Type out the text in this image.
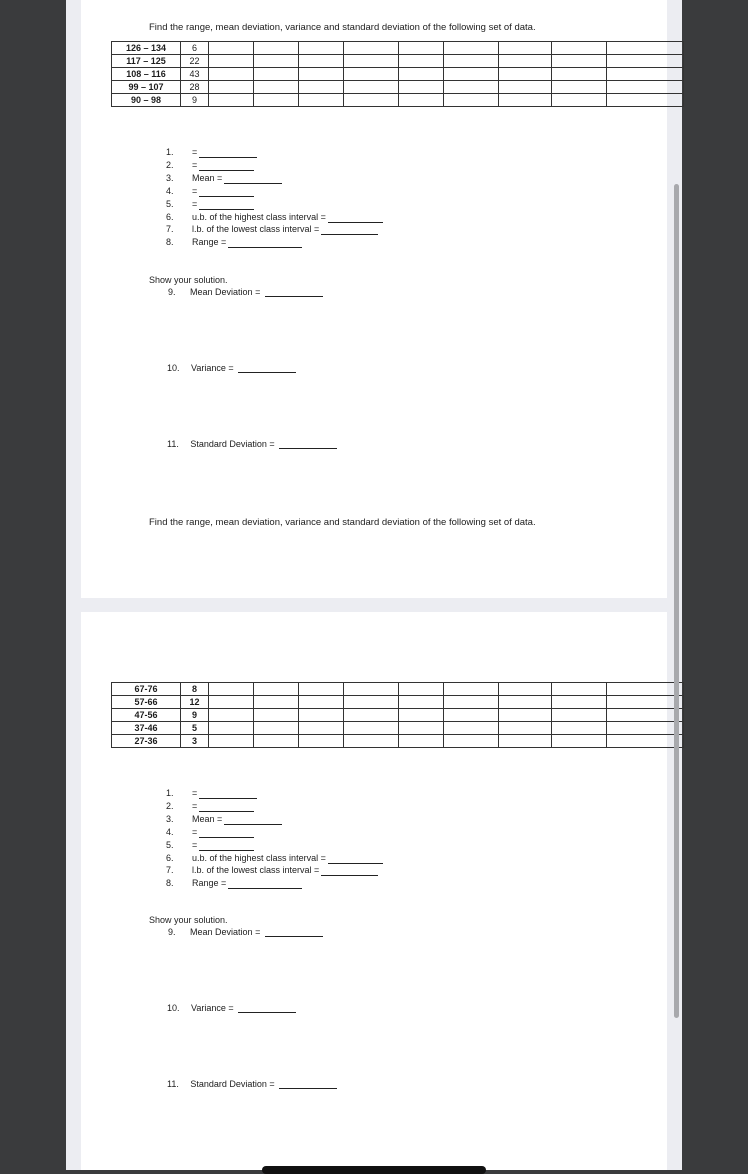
Find the range, mean deviation, variance and standard deviation of the following set of data.
126 – 134	6									
117 – 125	22									
108 – 116	43									
99 – 107	28									
90 – 98	9									
1. =
2. =
3. Mean =
4. =
5. =
6. u.b. of the highest class interval =
7. l.b. of the lowest class interval =
8. Range =
Show your solution.
9. Mean Deviation =
10. Variance =
11. Standard Deviation =
Find the range, mean deviation, variance and standard deviation of the following set of data.
67-76	8									
57-66	12									
47-56	9									
37-46	5									
27-36	3									
1. =
2. =
3. Mean =
4. =
5. =
6. u.b. of the highest class interval =
7. l.b. of the lowest class interval =
8. Range =
Show your solution.
9. Mean Deviation =
10. Variance =
11. Standard Deviation =
